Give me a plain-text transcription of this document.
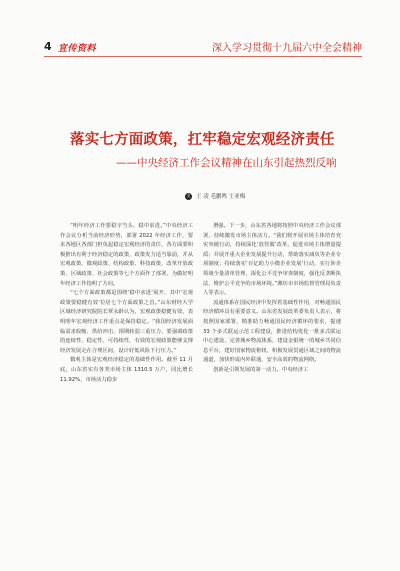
4 宣传资料	深入学习贯彻十九届六中全会精神
落实七方面政策，扛牢稳定宏观经济责任
——中央经济工作会议精神在山东引起热烈反响
文 王 凌 毛鹏鸣 王亚梅

“明年经济工作要稳字当头、稳中求进。”中央经济工作会议分析当前经济形势，部署 2022 年经济工作，要求各地区各部门担负起稳定宏观经济的责任，各方面要积极推出有利于经济稳定的政策，政策发力适当靠前，并从宏观政策、微观政策、结构政策、科技政策、改革开放政策、区域政策、社会政策等七个方面作了部署，为做好明年经济工作指明了方向。

“七个方面政策都是围绕‘稳中求进’展开，其中‘宏观政策要稳健有效’位居七个方面政策之首。”山东财经大学区域经济研究院院长覃永龄认为，宏观政策稳健有效，表明明年宏观经济工作重点是保持稳定。“我国经济发展面临需求收缩、供给冲击、预期转弱三重压力，要强调政策的连续性、稳定性、可持续性，有效的宏观政策能够支撑经济发展走在合理区间，设计好低风险下行压力。”

微观主体是宏观经济稳定的基础性作用。截至 11 月底，山东省实有各类市场主体 1310.5 万户，同比增长 11.92%，市场活力稳步

增强。下一步，山东省各地将按照中央经济工作会议部署，持续激发市场主体活力。“我们将开展市场主体培育充实突破行动，持续深化‘放管服’改革，促进市场主体增量提质；并展开重大企业发展提升行动，帮助落实减负等企业专项制度；持续落实‘百亿助力小微企业发展’行动，实行涉企领域全量清单管理，深化公平竞争审查制度，强化反垄断执法，维护公平竞争的市场环境。”潍坊市市场监督管理局负责人等表示。

流通体系在国民经济中发挥着基础性作用，对畅通国民经济循环具有重要意义。山东省发展改革委负责人表示，将按照国家部署，精准助力畅通国民经济循环的要求，提速 33 个多式联运示范工程建设，推进结构优化一批多式联运中心建设，完善城乡物流体系，建设金银统一的城乡共同信息平台，建好国家物流枢纽，积极发展贯通区域之间的物流通道，加快形成内外联通、安全高效的物流网络。

创新是引领发展的第一动力。中央经济工
